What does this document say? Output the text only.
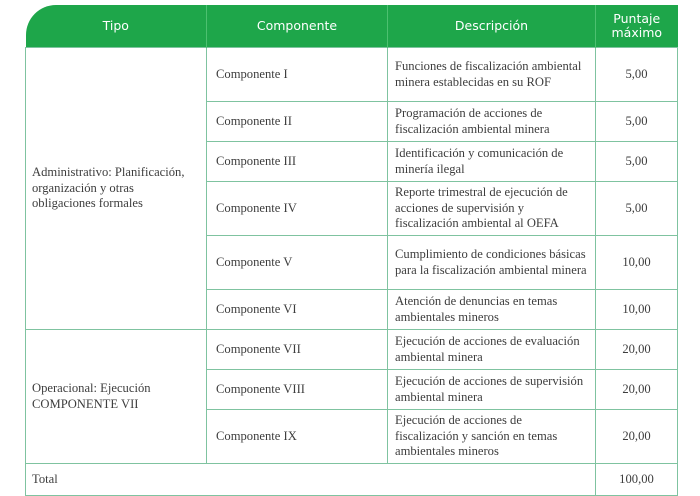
Tipo	Componente	Descripción	Puntaje
máximo
Administrativo: Planificación, organización y otras obligaciones formales	Componente I	Funciones de fiscalización ambiental minera establecidas en su ROF	5,00
	Componente II	Programación de acciones de fiscalización ambiental minera	5,00
	Componente III	Identificación y comunicación de minería ilegal	5,00
	Componente IV	Reporte trimestral de ejecución de acciones de supervisión y fiscalización ambiental al OEFA	5,00
	Componente V	Cumplimiento de condiciones básicas para la fiscalización ambiental minera	10,00
	Componente VI	Atención de denuncias en temas ambientales mineros	10,00
Operacional: Ejecución COMPONENTE VII	Componente VII	Ejecución de acciones de evaluación ambiental minera	20,00
	Componente VIII	Ejecución de acciones de supervisión ambiental minera	20,00
	Componente IX	Ejecución de acciones de fiscalización y sanción en temas ambientales mineros	20,00
Total			100,00
